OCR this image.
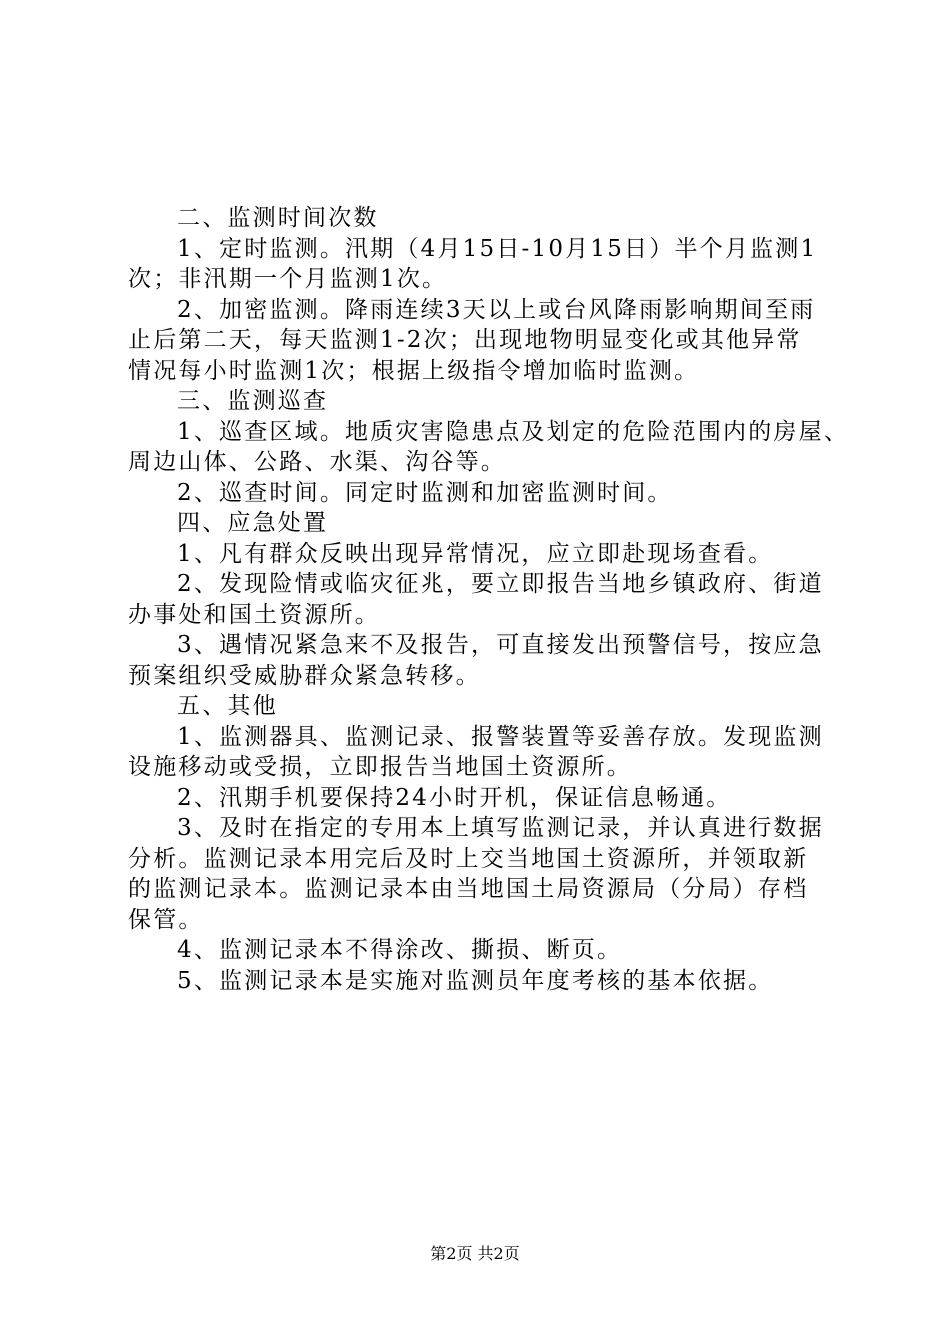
二、监测时间次数
1、定时监测。汛期（4月15日-10月15日）半个月监测1
次；非汛期一个月监测1次。
2、加密监测。降雨连续3天以上或台风降雨影响期间至雨
止后第二天，每天监测1-2次；出现地物明显变化或其他异常
情况每小时监测1次；根据上级指令增加临时监测。
三、监测巡查
1、巡查区域。地质灾害隐患点及划定的危险范围内的房屋、
周边山体、公路、水渠、沟谷等。
2、巡查时间。同定时监测和加密监测时间。
四、应急处置
1、凡有群众反映出现异常情况，应立即赴现场查看。
2、发现险情或临灾征兆，要立即报告当地乡镇政府、街道
办事处和国土资源所。
3、遇情况紧急来不及报告，可直接发出预警信号，按应急
预案组织受威胁群众紧急转移。
五、其他
1、监测器具、监测记录、报警装置等妥善存放。发现监测
设施移动或受损，立即报告当地国土资源所。
2、汛期手机要保持24小时开机，保证信息畅通。
3、及时在指定的专用本上填写监测记录，并认真进行数据
分析。监测记录本用完后及时上交当地国土资源所，并领取新
的监测记录本。监测记录本由当地国土局资源局（分局）存档
保管。
4、监测记录本不得涂改、撕损、断页。
5、监测记录本是实施对监测员年度考核的基本依据。
第2页 共2页
